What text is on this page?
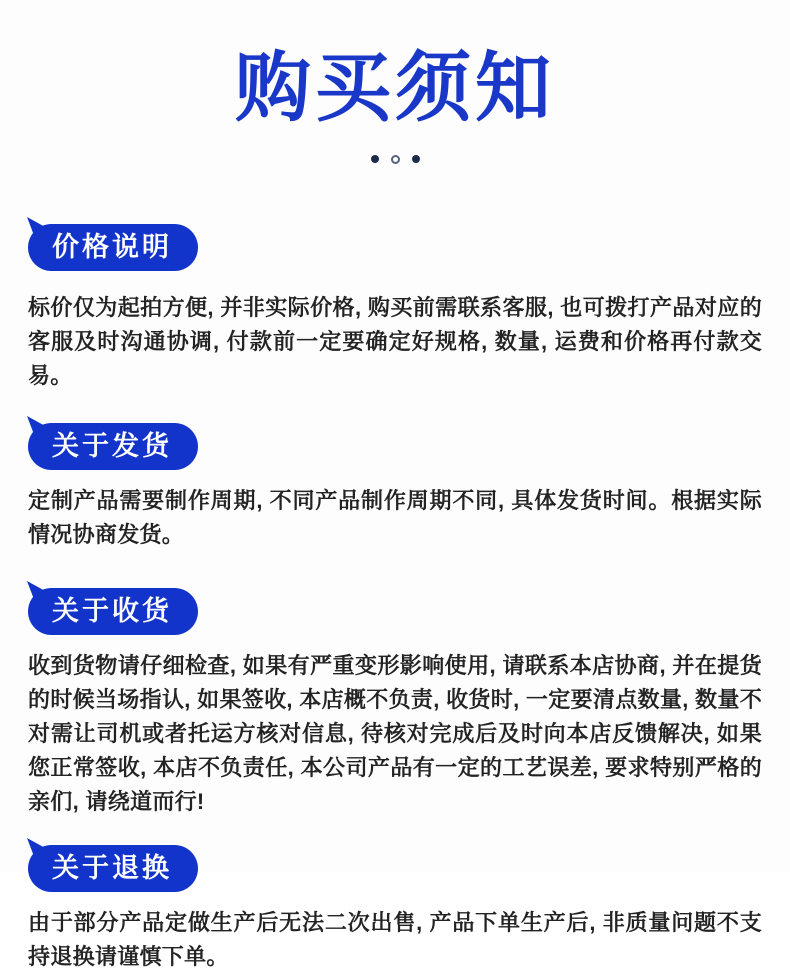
购买须知
价格说明

标价仅为起拍方便, 并非实际价格, 购买前需联系客服, 也可拨打产品对应的客服及时沟通协调, 付款前一定要确定好规格, 数量, 运费和价格再付款交易。

关于发货

定制产品需要制作周期, 不同产品制作周期不同, 具体发货时间。根据实际情况协商发货。

关于收货

收到货物请仔细检查, 如果有严重变形影响使用, 请联系本店协商, 并在提货的时候当场指认, 如果签收, 本店概不负责, 收货时, 一定要清点数量, 数量不对需让司机或者托运方核对信息, 待核对完成后及时向本店反馈解决, 如果您正常签收, 本店不负责任, 本公司产品有一定的工艺误差, 要求特别严格的亲们, 请绕道而行!

关于退换

由于部分产品定做生产后无法二次出售, 产品下单生产后, 非质量问题不支持退换请谨慎下单。
